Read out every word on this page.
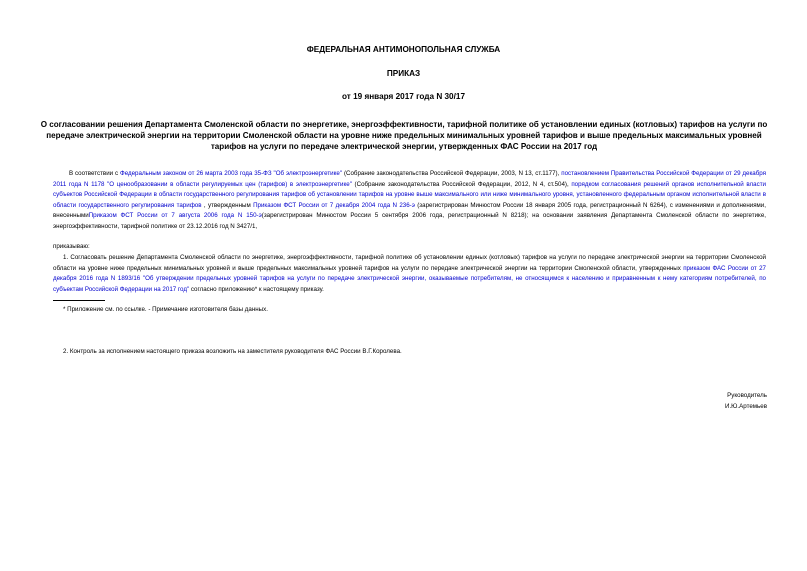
ФЕДЕРАЛЬНАЯ АНТИМОНОПОЛЬНАЯ СЛУЖБА
ПРИКАЗ
от 19 января 2017 года N 30/17
О согласовании решения Департамента Смоленской области по энергетике, энергоэффективности, тарифной политике об установлении единых (котловых) тарифов на услуги по передаче электрической энергии на территории Смоленской области на уровне ниже предельных минимальных уровней тарифов и выше предельных максимальных уровней тарифов на услуги по передаче электрической энергии, утвержденных ФАС России на 2017 год

В соответствии с Федеральным законом от 26 марта 2003 года 35-ФЗ "Об электроэнергетике" (Собрание законодательства Российской Федерации, 2003, N 13, ст.1177), постановлением Правительства Российской Федерации от 29 декабря 2011 года N 1178 "О ценообразовании в области регулируемых цен (тарифов) в электроэнергетике" (Собрание законодательства Российской Федерации, 2012, N 4, ст.504), порядком согласования решений органов исполнительной власти субъектов Российской Федерации в области государственного регулирования тарифов об установлении тарифов на уровне выше максимального или ниже минимального уровня, установленного федеральным органом исполнительной власти в области государственного регулирования тарифов , утвержденным Приказом ФСТ России от 7 декабря 2004 года N 236-э (зарегистрирован Минюстом России 18 января 2005 года, регистрационный N 6264), с изменениями и дополнениями, внесеннымиПриказом ФСТ России от 7 августа 2006 года N 150-э(зарегистрирован Минюстом России 5 сентября 2006 года, регистрационный N 8218); на основании заявления Департамента Смоленской области по энергетике, энергоэффективности, тарифной политике от 23.12.2016 год N 3427/1,

приказываю:

1. Согласовать решение Департамента Смоленской области по энергетике, энергоэффективности, тарифной политике об установлении единых (котловых) тарифов на услуги по передаче электрической энергии на территории Смоленской области на уровне ниже предельных минимальных уровней и выше предельных максимальных уровней тарифов на услуги по передаче электрической энергии на территории Смоленской области, утвержденных приказом ФАС России от 27 декабря 2016 года N 1893/16 "Об утверждении предельных уровней тарифов на услуги по передаче электрической энергии, оказываемые потребителям, не относящимся к населению и приравненным к нему категориям потребителей, по субъектам Российской Федерации на 2017 год" согласно приложению* к настоящему приказу.

* Приложение см. по ссылке. - Примечание изготовителя базы данных.

2. Контроль за исполнением настоящего приказа возложить на заместителя руководителя ФАС России В.Г.Королева.

Руководитель
И.Ю.Артемьев
